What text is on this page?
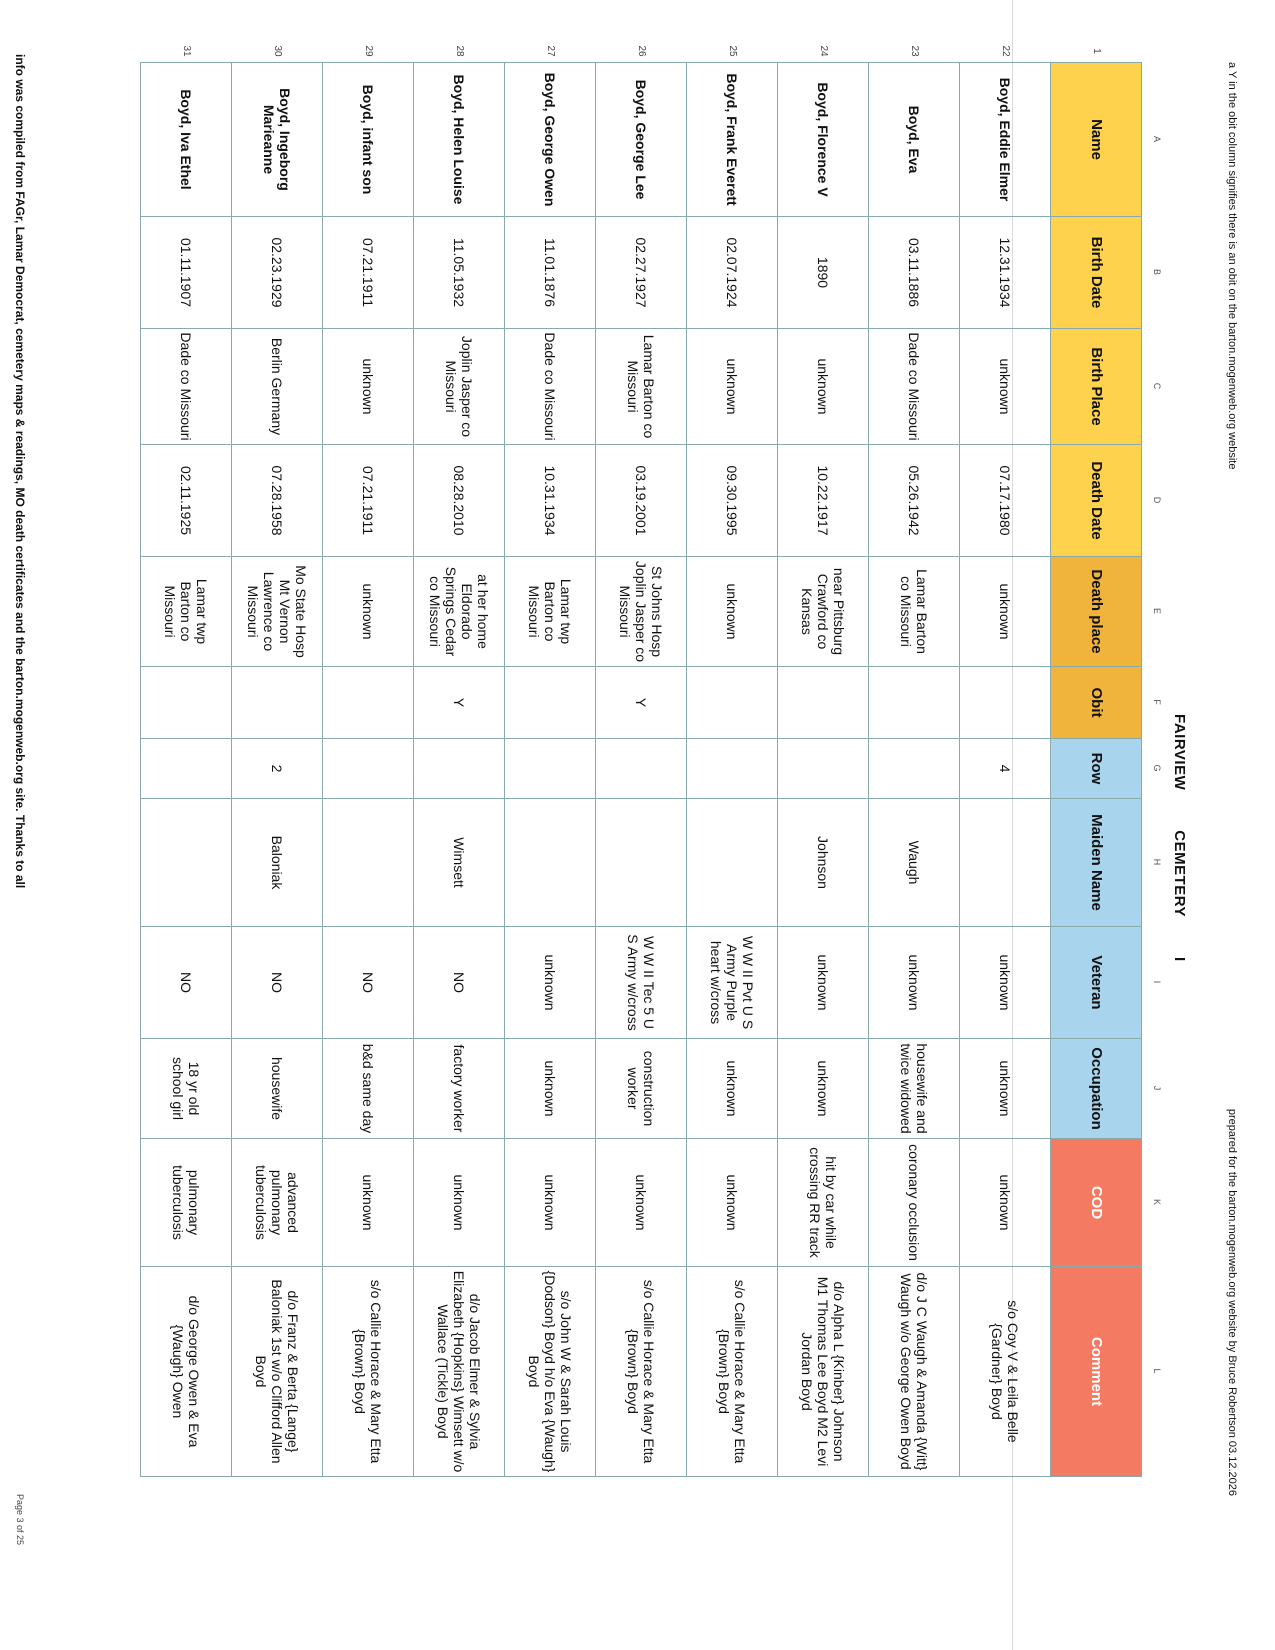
a Y in the obit column signifies there is an obit on the barton.mogenweb.org website
prepared for the barton.mogenweb.org website by Bruce Robertson 03.12.2026
FAIRVIEWCEMETERYI
A
B
C
D
E
F
G
H
I
J
K
L
1
22
23
24
25
26
27
28
29
30
31
Name	Birth Date	Birth Place	Death Date	Death place	Obit	Row	Maiden Name	Veteran	Occupation	COD	Comment
Boyd, Eddie Elmer	12.31.1934	unknown	07.17.1980	unknown		4		unknown	unknown	unknown	s/o Coy V & Leila Belle {Gardner} Boyd
Boyd, Eva	03.11.1886	Dade co Missouri	05.26.1942	Lamar Barton co Missouri			Waugh	unknown	housewife and twice widowed	coronary occlusion	d/o J C Waugh & Amanda {Witt} Waugh w/o George Owen Boyd
Boyd, Florence V	1890	unknown	10.22.1917	near Pittsburg Crawford co Kansas			Johnson	unknown	unknown	hit by car while crossing RR track	d/o Alpha L {Kinber} Johnson M1 Thomas Lee Boyd M2 Levi Jordan Boyd
Boyd, Frank Everett	02.07.1924	unknown	09.30.1995	unknown				W W II Pvt U S Army Purple heart w/cross	unknown	unknown	s/o Callie Horace & Mary Etta {Brown} Boyd
Boyd, George Lee	02.27.1927	Lamar Barton co Missouri	03.19.2001	St Johns Hosp Joplin Jasper co Missouri	Y			W W II Tec 5 U S Army w/cross	construction worker	unknown	s/o Callie Horace & Mary Etta {Brown} Boyd
Boyd, George Owen	11.01.1876	Dade co Missouri	10.31.1934	Lamar twp Barton co Missouri				unknown	unknown	unknown	s/o John W & Sarah Louis {Dodson} Boyd h/o Eva {Waugh} Boyd
Boyd, Helen Louise	11.05.1932	Joplin Jasper co Missouri	08.28.2010	at her home Eldorado Springs Cedar co Missouri	Y		Wimsett	NO	factory worker	unknown	d/o Jacob Elmer & Sylvia Elizabeth {Hopkins} Wimsett w/o Wallace (Tickle) Boyd
Boyd, infant son	07.21.1911	unknown	07.21.1911	unknown				NO	b&d same day	unknown	s/o Callie Horace & Mary Etta {Brown} Boyd
Boyd, Ingeborg Marieanne	02.23.1929	Berlin Germany	07.28.1958	Mo State Hosp Mt Vernon Lawrence co Missouri		2	Baloniak	NO	housewife	advanced pulmonary tuberculosis	d/o Franz & Berta {Lange} Baloniak 1st w/o Clifford Allen Boyd
Boyd, Iva Ethel	01.11.1907	Dade co Missouri	02.11.1925	Lamar twp Barton co Missouri				NO	18 yr old school girl	pulmonary tuberculosis	d/o George Owen & Eva {Waugh} Owen
info was compiled from FAGr, Lamar Democrat, cemetery maps & readings, MO death certificates and the barton.mogenweb.org site. Thanks to all
Page 3 of 25
